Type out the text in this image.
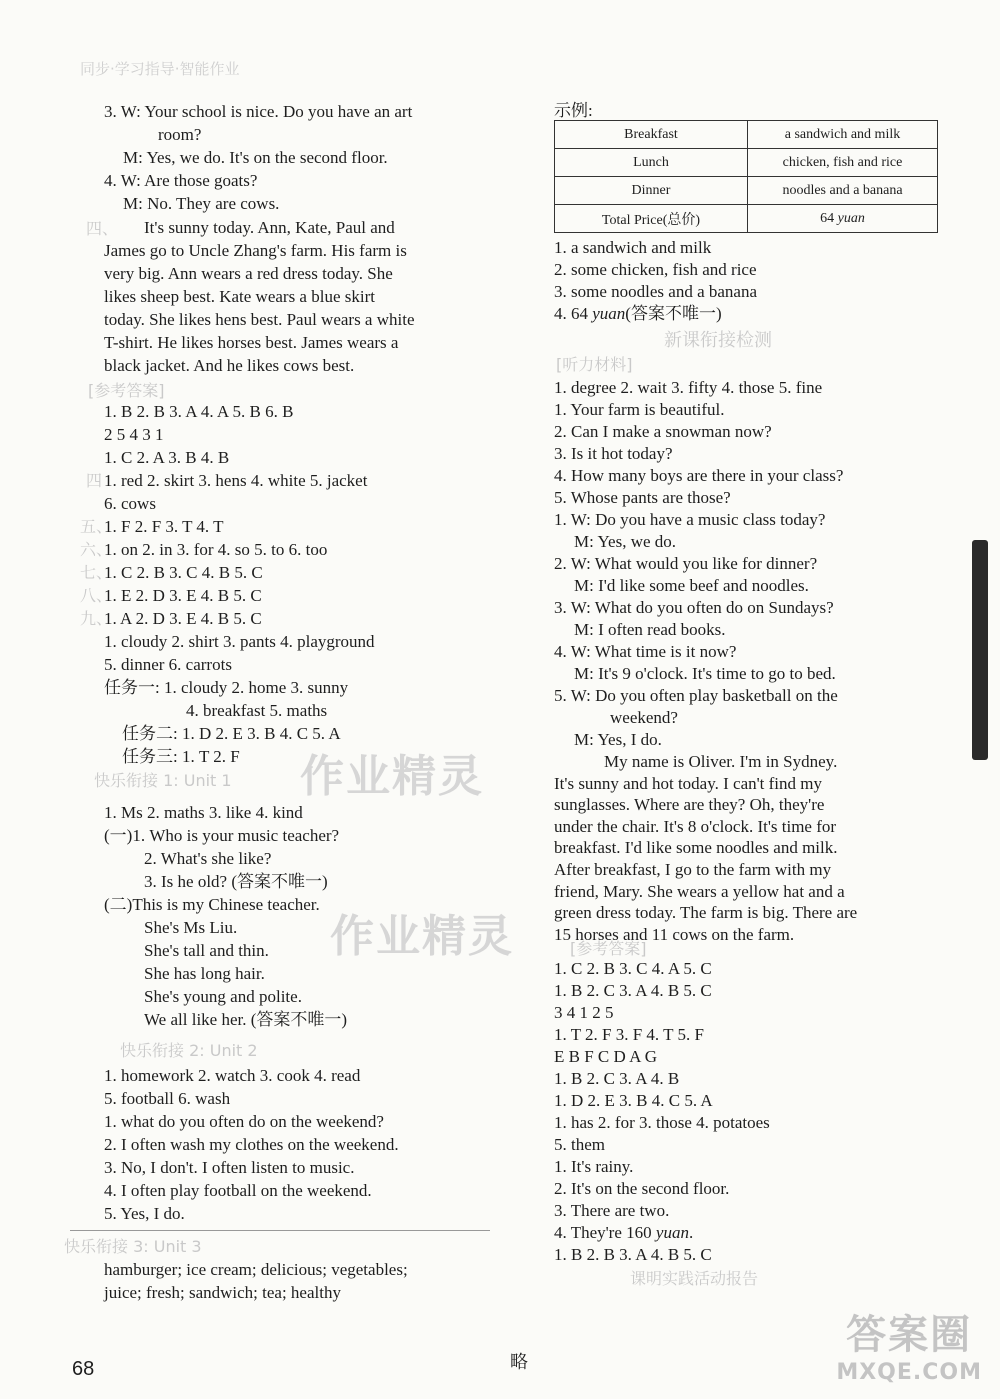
同步·学习指导·智能作业
3. W: Your school is nice. Do you have an art
room?
M: Yes, we do. It's on the second floor.
4. W: Are those goats?
M: No. They are cows.
四、	It's sunny today. Ann, Kate, Paul and
James go to Uncle Zhang's farm. His farm is
very big. Ann wears a red dress today. She
likes sheep best. Kate wears a blue skirt
today. She likes hens best. Paul wears a white
T-shirt. He likes horses best. James wears a
black jacket. And he likes cows best.
[参考答案]
1. B 2. B 3. A 4. A 5. B 6. B
2 5 4 3 1
1. C 2. A 3. B 4. B
四 1. red 2. skirt 3. hens 4. white 5. jacket
6. cows
五、
1. F 2. F 3. T 4. T
六、
1. on 2. in 3. for 4. so 5. to 6. too
七、
1. C 2. B 3. C 4. B 5. C
八、
1. E 2. D 3. E 4. B 5. C
九、
1. A 2. D 3. E 4. B 5. C
1. cloudy 2. shirt 3. pants 4. playground
5. dinner 6. carrots
任务一: 1. cloudy 2. home 3. sunny
4. breakfast 5. maths
任务二: 1. D 2. E 3. B 4. C 5. A
任务三: 1. T 2. F
快乐衔接 1: Unit 1
1. Ms 2. maths 3. like 4. kind
(一)1. Who is your music teacher?
2. What's she like?
3. Is he old? (答案不唯一)
(二)This is my Chinese teacher.
She's Ms Liu.
She's tall and thin.
She has long hair.
She's young and polite.
We all like her. (答案不唯一)
快乐衔接 2: Unit 2
1. homework 2. watch 3. cook 4. read
5. football 6. wash
1. what do you often do on the weekend?
2. I often wash my clothes on the weekend.
3. No, I don't. I often listen to music.
4. I often play football on the weekend.
5. Yes, I do.
快乐衔接 3: Unit 3
hamburger; ice cream; delicious; vegetables;
juice; fresh; sandwich; tea; healthy
示例:
Breakfast	a sandwich and milk
Lunch	chicken, fish and rice
Dinner	noodles and a banana
Total Price(总价)	64 yuan
1. a sandwich and milk
2. some chicken, fish and rice
3. some noodles and a banana
4. 64 yuan(答案不唯一)
新课衔接检测
[听力材料]
1. degree 2. wait 3. fifty 4. those 5. fine
1. Your farm is beautiful.
2. Can I make a snowman now?
3. Is it hot today?
4. How many boys are there in your class?
5. Whose pants are those?
1. W: Do you have a music class today?
M: Yes, we do.
2. W: What would you like for dinner?
M: I'd like some beef and noodles.
3. W: What do you often do on Sundays?
M: I often read books.
4. W: What time is it now?
M: It's 9 o'clock. It's time to go to bed.
5. W: Do you often play basketball on the
weekend?
M: Yes, I do.
My name is Oliver. I'm in Sydney.
It's sunny and hot today. I can't find my
sunglasses. Where are they? Oh, they're
under the chair. It's 8 o'clock. It's time for
breakfast. I'd like some noodles and milk.
After breakfast, I go to the farm with my
friend, Mary. She wears a yellow hat and a
green dress today. The farm is big. There are
15 horses and 11 cows on the farm.
[参考答案]
1. C 2. B 3. C 4. A 5. C
1. B 2. C 3. A 4. B 5. C
3 4 1 2 5
1. T 2. F 3. F 4. T 5. F
E B F C D A G
1. B 2. C 3. A 4. B
1. D 2. E 3. B 4. C 5. A
1. has 2. for 3. those 4. potatoes
5. them
1. It's rainy.
2. It's on the second floor.
3. There are two.
4. They're 160 yuan.
1. B 2. B 3. A 4. B 5. C
课明实践活动报告
略
68
作业精灵
作业精灵
答案圈
MXQE.COM
